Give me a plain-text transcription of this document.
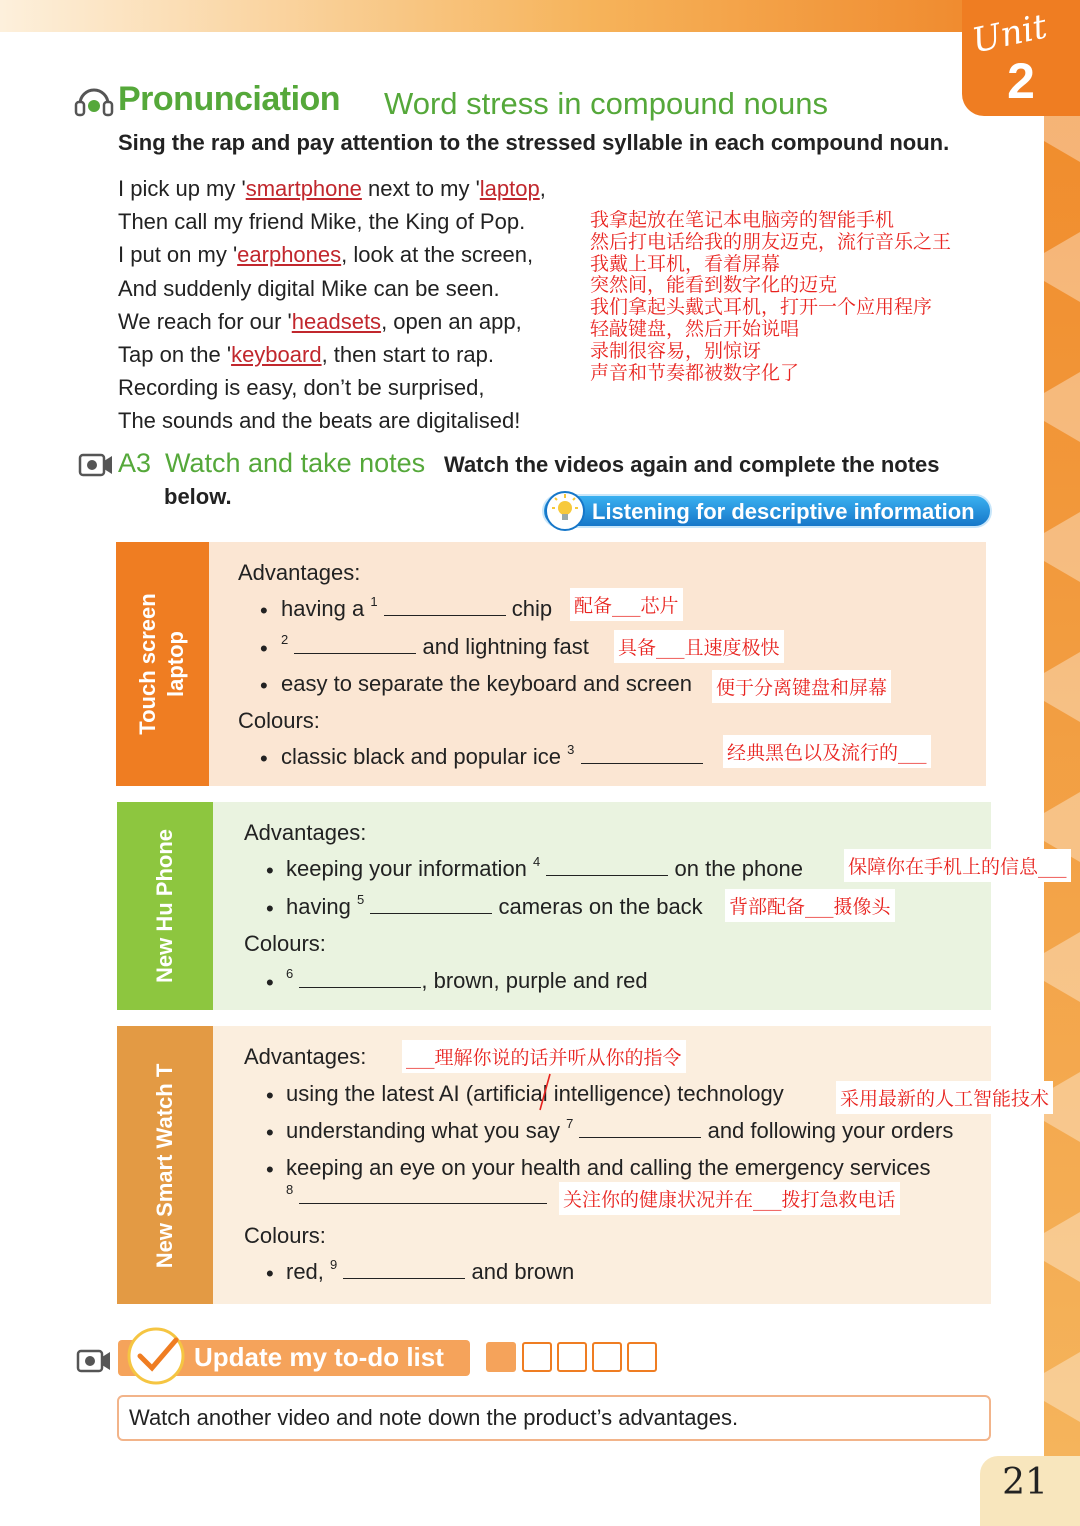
Unit
2
Pronunciation Word stress in compound nouns
Sing the rap and pay attention to the stressed syllable in each compound noun.
I pick up my 'smartphone next to my 'laptop,
Then call my friend Mike, the King of Pop.
I put on my 'earphones, look at the screen,
And suddenly digital Mike can be seen.
We reach for our 'headsets, open an app,
Tap on the 'keyboard, then start to rap.
Recording is easy, don’t be surprised,
The sounds and the beats are digitalised!
我拿起放在笔记本电脑旁的智能手机
然后打电话给我的朋友迈克，流行音乐之王
我戴上耳机，看着屏幕
突然间，能看到数字化的迈克
我们拿起头戴式耳机，打开一个应用程序
轻敲键盘，然后开始说唱
录制很容易，别惊讶
声音和节奏都被数字化了
A3 Watch and take notes Watch the videos again and complete the notes
below.
Listening for descriptive information
Touch screen laptop
Advantages:
• having a $^1$	chip
• $^2$	and lightning fast
• easy to separate the keyboard and screen
Colours:
• classic black and popular ice $^3$
配备___芯片
具备___且速度极快
便于分离键盘和屏幕
经典黑色以及流行的___
New Hu Phone	Advantages:
• keeping your information $^4$	on the phone
• having $^5$	cameras on the back
Colours:
• $^6$	, brown, purple and red
保障你在手机上的信息___
背部配备___摄像头
New Smart Watch T
Advantages:
• using the latest AI (artificial intelligence) technology
• understanding what you say $^7$	and following your orders
• keeping an eye on your health and calling the emergency services
$^8$
Colours:
• red, $^9$	and brown
___理解你说的话并听从你的指令
采用最新的人工智能技术
关注你的健康状况并在___拨打急救电话
Update my to-do list
Watch another video and note down the product’s advantages.
21
